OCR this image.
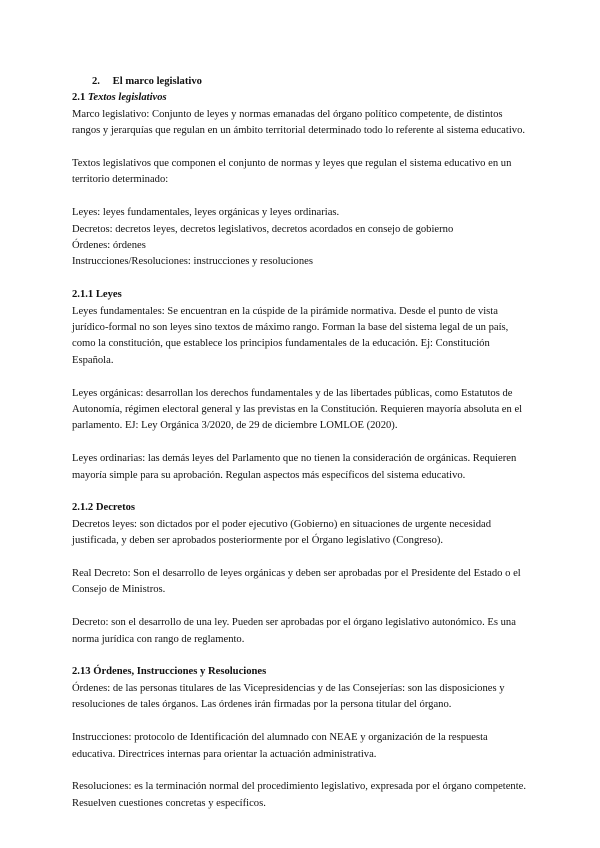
2. El marco legislativo

2.1 Textos legislativos

Marco legislativo: Conjunto de leyes y normas emanadas del órgano político competente, de distintos rangos y jerarquías que regulan en un ámbito territorial determinado todo lo referente al sistema educativo.

Textos legislativos que componen el conjunto de normas y leyes que regulan el sistema educativo en un territorio determinado:

Leyes: leyes fundamentales, leyes orgánicas y leyes ordinarias.

Decretos: decretos leyes, decretos legislativos, decretos acordados en consejo de gobierno

Órdenes: órdenes

Instrucciones/Resoluciones: instrucciones y resoluciones

2.1.1 Leyes

Leyes fundamentales: Se encuentran en la cúspide de la pirámide normativa. Desde el punto de vista jurídico-formal no son leyes sino textos de máximo rango. Forman la base del sistema legal de un país, como la constitución, que establece los principios fundamentales de la educación. Ej: Constitución Española.

Leyes orgánicas: desarrollan los derechos fundamentales y de las libertades públicas, como Estatutos de Autonomía, régimen electoral general y las previstas en la Constitución. Requieren mayoría absoluta en el parlamento. EJ: Ley Orgánica 3/2020, de 29 de diciembre LOMLOE (2020).

Leyes ordinarias: las demás leyes del Parlamento que no tienen la consideración de orgánicas. Requieren mayoría simple para su aprobación. Regulan aspectos más específicos del sistema educativo.

2.1.2 Decretos

Decretos leyes: son dictados por el poder ejecutivo (Gobierno) en situaciones de urgente necesidad justificada, y deben ser aprobados posteriormente por el Órgano legislativo (Congreso).

Real Decreto: Son el desarrollo de leyes orgánicas y deben ser aprobadas por el Presidente del Estado o el Consejo de Ministros.

Decreto: son el desarrollo de una ley. Pueden ser aprobadas por el órgano legislativo autonómico. Es una norma jurídica con rango de reglamento.

2.13 Órdenes, Instrucciones y Resoluciones

Órdenes: de las personas titulares de las Vicepresidencias y de las Consejerías: son las disposiciones y resoluciones de tales órganos. Las órdenes irán firmadas por la persona titular del órgano.

Instrucciones: protocolo de Identificación del alumnado con NEAE y organización de la respuesta educativa. Directrices internas para orientar la actuación administrativa.

Resoluciones: es la terminación normal del procedimiento legislativo, expresada por el órgano competente. Resuelven cuestiones concretas y específicos.
